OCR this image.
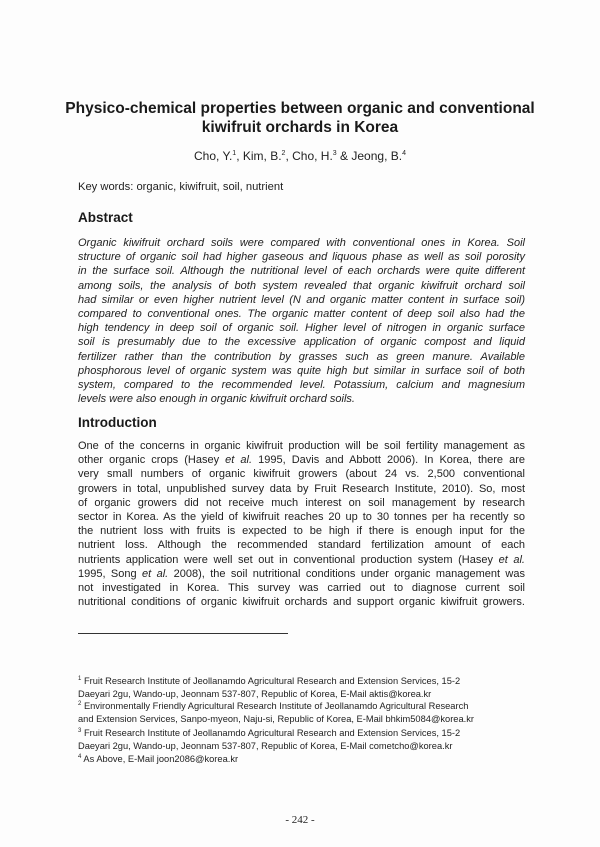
Physico-chemical properties between organic and conventional
kiwifruit orchards in Korea
Cho, Y.$^1$, Kim, B.$^2$, Cho, H.$^3$ & Jeong, B.$^4$
Key words: organic, kiwifruit, soil, nutrient
Abstract
Organic kiwifruit orchard soils were compared with conventional ones in Korea. Soil
structure of organic soil had higher gaseous and liquous phase as well as soil porosity
in the surface soil. Although the nutritional level of each orchards were quite different
among soils, the analysis of both system revealed that organic kiwifruit orchard soil
had similar or even higher nutrient level (N and organic matter content in surface soil)
compared to conventional ones. The organic matter content of deep soil also had the
high tendency in deep soil of organic soil. Higher level of nitrogen in organic surface
soil is presumably due to the excessive application of organic compost and liquid
fertilizer rather than the contribution by grasses such as green manure. Available
phosphorous level of organic system was quite high but similar in surface soil of both
system, compared to the recommended level. Potassium, calcium and magnesium
levels were also enough in organic kiwifruit orchard soils.
Introduction
One of the concerns in organic kiwifruit production will be soil fertility management as
other organic crops (Hasey et al. 1995, Davis and Abbott 2006). In Korea, there are
very small numbers of organic kiwifruit growers (about 24 vs. 2,500 conventional
growers in total, unpublished survey data by Fruit Research Institute, 2010). So, most
of organic growers did not receive much interest on soil management by research
sector in Korea. As the yield of kiwifruit reaches 20 up to 30 tonnes per ha recently so
the nutrient loss with fruits is expected to be high if there is enough input for the
nutrient loss. Although the recommended standard fertilization amount of each
nutrients application were well set out in conventional production system (Hasey et al.
1995, Song et al. 2008), the soil nutritional conditions under organic management was
not investigated in Korea. This survey was carried out to diagnose current soil
nutritional conditions of organic kiwifruit orchards and support organic kiwifruit growers.
$^1$ Fruit Research Institute of Jeollanamdo Agricultural Research and Extension Services, 15-2
Daeyari 2gu, Wando-up, Jeonnam 537-807, Republic of Korea, E-Mail aktis@korea.kr
$^2$ Environmentally Friendly Agricultural Research Institute of Jeollanamdo Agricultural Research
and Extension Services, Sanpo-myeon, Naju-si, Republic of Korea, E-Mail bhkim5084@korea.kr
$^3$ Fruit Research Institute of Jeollanamdo Agricultural Research and Extension Services, 15-2
Daeyari 2gu, Wando-up, Jeonnam 537-807, Republic of Korea, E-Mail cometcho@korea.kr
$^4$ As Above, E-Mail joon2086@korea.kr
- 242 -
